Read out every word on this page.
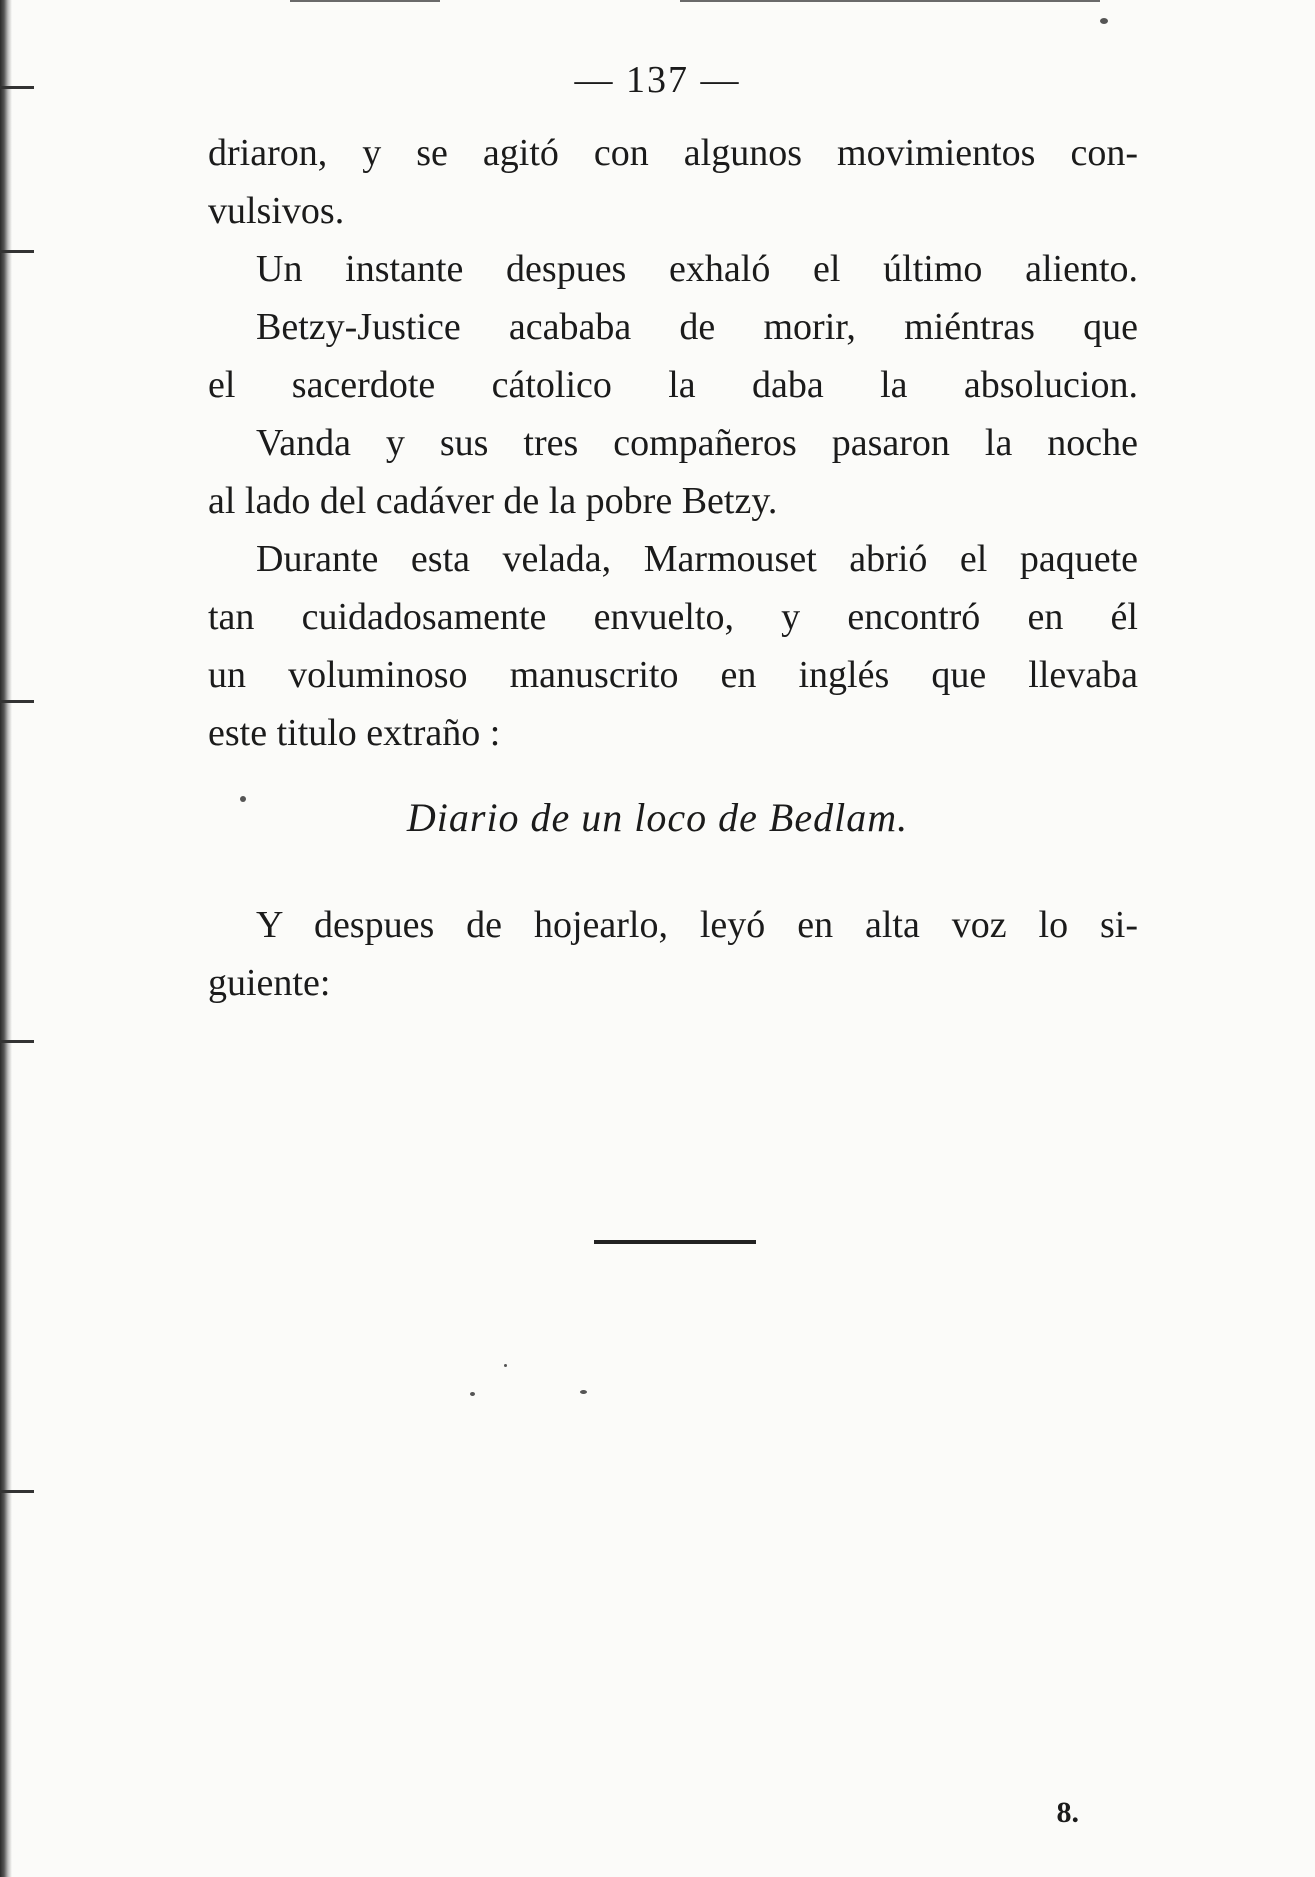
— 137 —

driaron, y se agitó con algunos movimientos con-
vulsivos.

Un instante despues exhaló el último aliento.

Betzy-Justice acababa de morir, miéntras que
el sacerdote cátolico la daba la absolucion.

Vanda y sus tres compañeros pasaron la noche
al lado del cadáver de la pobre Betzy.

Durante esta velada, Marmouset abrió el paquete
tan cuidadosamente envuelto, y encontró en él
un voluminoso manuscrito en inglés que llevaba
este titulo extraño :

Diario de un loco de Bedlam.

Y despues de hojearlo, leyó en alta voz lo si-
guiente:

8.
